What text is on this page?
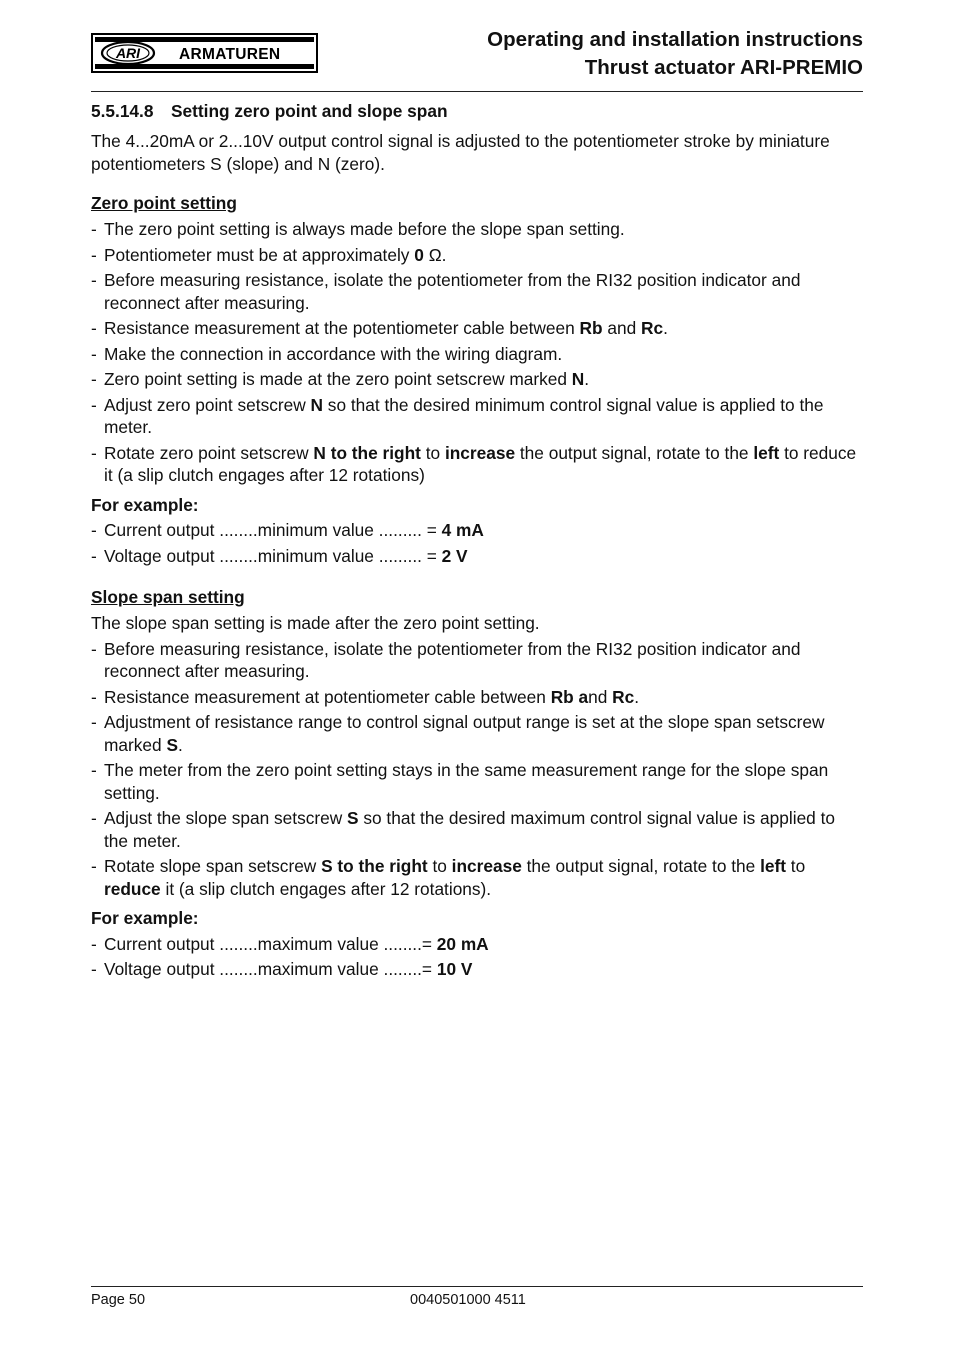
ARI	ARMATUREN
Operating and installation instructions
Thrust actuator ARI-PREMIO
5.5.14.8 Setting zero point and slope span
The 4...20mA or 2...10V output control signal is adjusted to the potentiometer stroke by miniature potentiometers S (slope) and N (zero).
Zero point setting
- The zero point setting is always made before the slope span setting.
- Potentiometer must be at approximately 0 Ω.
- Before measuring resistance, isolate the potentiometer from the RI32 position indicator and reconnect after measuring.
- Resistance measurement at the potentiometer cable between Rb and Rc.
- Make the connection in accordance with the wiring diagram.
- Zero point setting is made at the zero point setscrew marked N.
- Adjust zero point setscrew N so that the desired minimum control signal value is applied to the meter.
- Rotate zero point setscrew N to the right to increase the output signal, rotate to the left to reduce it (a slip clutch engages after 12 rotations)
For example:
- Current output ........minimum value ......... = 4 mA
- Voltage output ........minimum value ......... = 2 V
Slope span setting
The slope span setting is made after the zero point setting.
- Before measuring resistance, isolate the potentiometer from the RI32 position indicator and reconnect after measuring.
- Resistance measurement at potentiometer cable between Rb and Rc.
- Adjustment of resistance range to control signal output range is set at the slope span setscrew marked S.
- The meter from the zero point setting stays in the same measurement range for the slope span setting.
- Adjust the slope span setscrew S so that the desired maximum control signal value is applied to the meter.
- Rotate slope span setscrew S to the right to increase the output signal, rotate to the left to reduce it (a slip clutch engages after 12 rotations).
For example:
- Current output ........maximum value ........= 20 mA
- Voltage output ........maximum value ........= 10 V
Page 50	0040501000 4511
